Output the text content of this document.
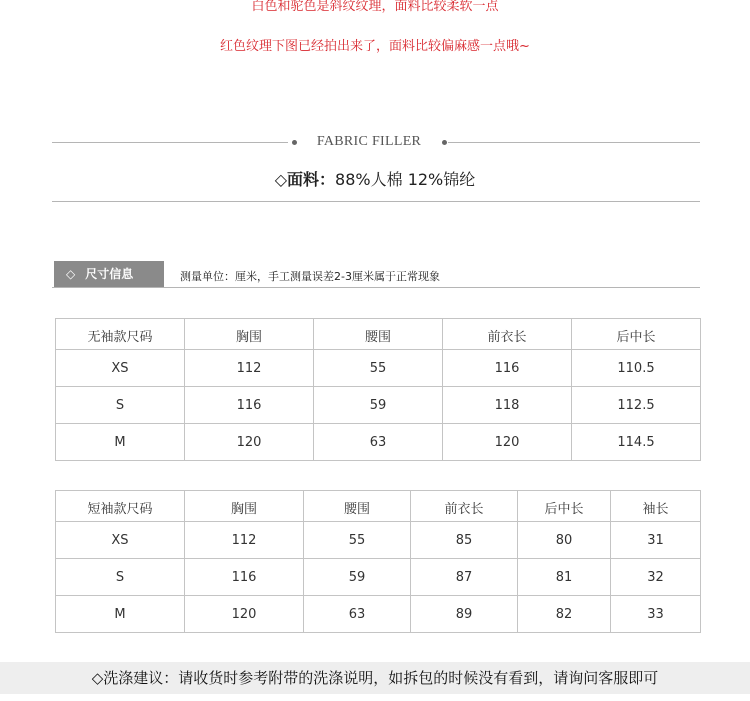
白色和驼色是斜纹纹理，面料比较柔软一点
红色纹理下图已经拍出来了，面料比较偏麻感一点哦~
FABRIC FILLER
◇面料：88%人棉 12%锦纶
◇ 尺寸信息	测量单位：厘米，手工测量误差2-3厘米属于正常现象
无袖款尺码	胸围	腰围	前衣长	后中长
XS	112	55	116	110.5
S	116	59	118	112.5
M	120	63	120	114.5
短袖款尺码	胸围	腰围	前衣长	后中长	袖长
XS	112	55	85	80	31
S	116	59	87	81	32
M	120	63	89	82	33
◇洗涤建议：请收货时参考附带的洗涤说明，如拆包的时候没有看到，请询问客服即可
